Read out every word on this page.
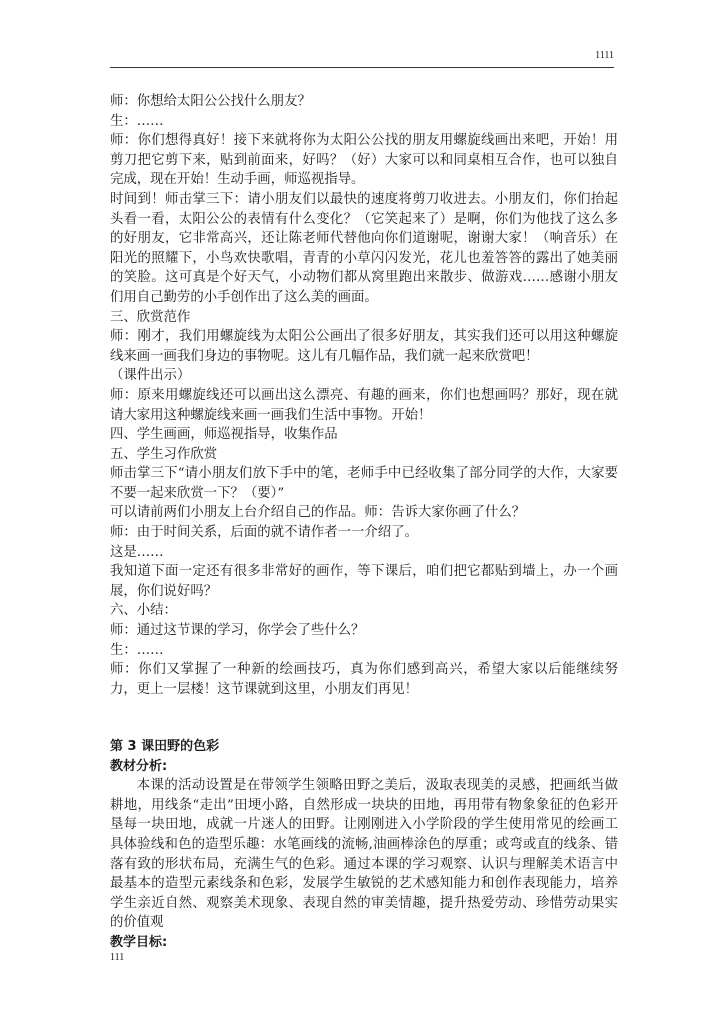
1111

师：你想给太阳公公找什么朋友？

生：……

师：你们想得真好！接下来就将你为太阳公公找的朋友用螺旋线画出来吧，开始！用剪刀把它剪下来，贴到前面来，好吗？（好）大家可以和同桌相互合作，也可以独自完成，现在开始！生动手画，师巡视指导。

时间到！师击掌三下：请小朋友们以最快的速度将剪刀收进去。小朋友们，你们抬起头看一看，太阳公公的表情有什么变化？（它笑起来了）是啊，你们为他找了这么多的好朋友，它非常高兴，还让陈老师代替他向你们道谢呢，谢谢大家！（响音乐）在阳光的照耀下，小鸟欢快歌唱，青青的小草闪闪发光，花儿也羞答答的露出了她美丽的笑脸。这可真是个好天气，小动物们都从窝里跑出来散步、做游戏……感谢小朋友们用自己勤劳的小手创作出了这么美的画面。

三、欣赏范作

师：刚才，我们用螺旋线为太阳公公画出了很多好朋友，其实我们还可以用这种螺旋线来画一画我们身边的事物呢。这儿有几幅作品，我们就一起来欣赏吧！

（课件出示）

师：原来用螺旋线还可以画出这么漂亮、有趣的画来，你们也想画吗？那好，现在就请大家用这种螺旋线来画一画我们生活中事物。开始！

四、学生画画，师巡视指导，收集作品

五、学生习作欣赏

师击掌三下“请小朋友们放下手中的笔，老师手中已经收集了部分同学的大作，大家要不要一起来欣赏一下？（要）”

可以请前两们小朋友上台介绍自己的作品。师：告诉大家你画了什么？

师：由于时间关系，后面的就不请作者一一介绍了。

这是……

我知道下面一定还有很多非常好的画作，等下课后，咱们把它都贴到墙上，办一个画展，你们说好吗？

六、小结：

师：通过这节课的学习，你学会了些什么？

生：……

师：你们又掌握了一种新的绘画技巧，真为你们感到高兴，希望大家以后能继续努力，更上一层楼！这节课就到这里，小朋友们再见！

第 3 课田野的色彩

教材分析:

本课的活动设置是在带领学生领略田野之美后，汲取表现美的灵感，把画纸当做耕地，用线条“走出”田埂小路，自然形成一块块的田地，再用带有物象象征的色彩开垦每一块田地，成就一片迷人的田野。让刚刚进入小学阶段的学生使用常见的绘画工具体验线和色的造型乐趣：水笔画线的流畅,油画棒涂色的厚重；或弯或直的线条、错落有致的形状布局，充满生气的色彩。通过本课的学习观察、认识与理解美术语言中最基本的造型元素线条和色彩，发展学生敏锐的艺术感知能力和创作表现能力，培养学生亲近自然、观察美术现象、表现自然的审美情趣，提升热爱劳动、珍惜劳动果实的价值观

教学目标:

111
